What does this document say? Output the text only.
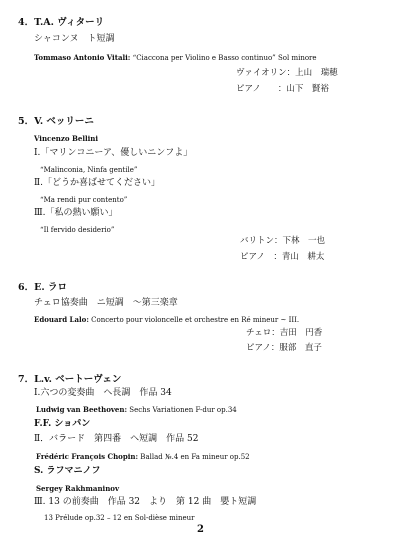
4．T.A. ヴィターリ
シャコンヌ　ト短調
Tommaso Antonio Vitali: “Ciaccona per Violino e Basso continuo” Sol minore
ヴァイオリン：上山　瑞穂
ピアノ　　：山下　賢裕
5．V. ベッリーニ
Vincenzo Bellini
Ⅰ.「マリンコニーア、優しいニンフよ」
“Malinconia, Ninfa gentile”
Ⅱ.「どうか喜ばせてください」
“Ma rendi pur contento”
Ⅲ.「私の熱い願い」
“Il fervido desiderio”
バリトン：下林　一也
ピアノ　：青山　耕太
6．E. ラロ
チェロ協奏曲　ニ短調　～第三楽章
Edouard Lalo: Concerto pour violoncelle et orchestre en Ré mineur ~ III.
チェロ：吉田　円香
ピアノ：服部　直子
7．L.v. ベートーヴェン
Ⅰ.六つの変奏曲　ヘ長調　作品 34
Ludwig van Beethoven: Sechs Variationen F-dur op.34
F.F. ショパン
Ⅱ．バラード　第四番　ヘ短調　作品 52
Frédéric François Chopin: Ballad №.4 en Fa mineur op.52
S. ラフマニノフ
Sergey Rakhmaninov
Ⅲ. 13 の前奏曲　作品 32　より　第 12 曲　嬰ト短調
13 Prélude op.32 – 12 en Sol-dièse mineur
2
